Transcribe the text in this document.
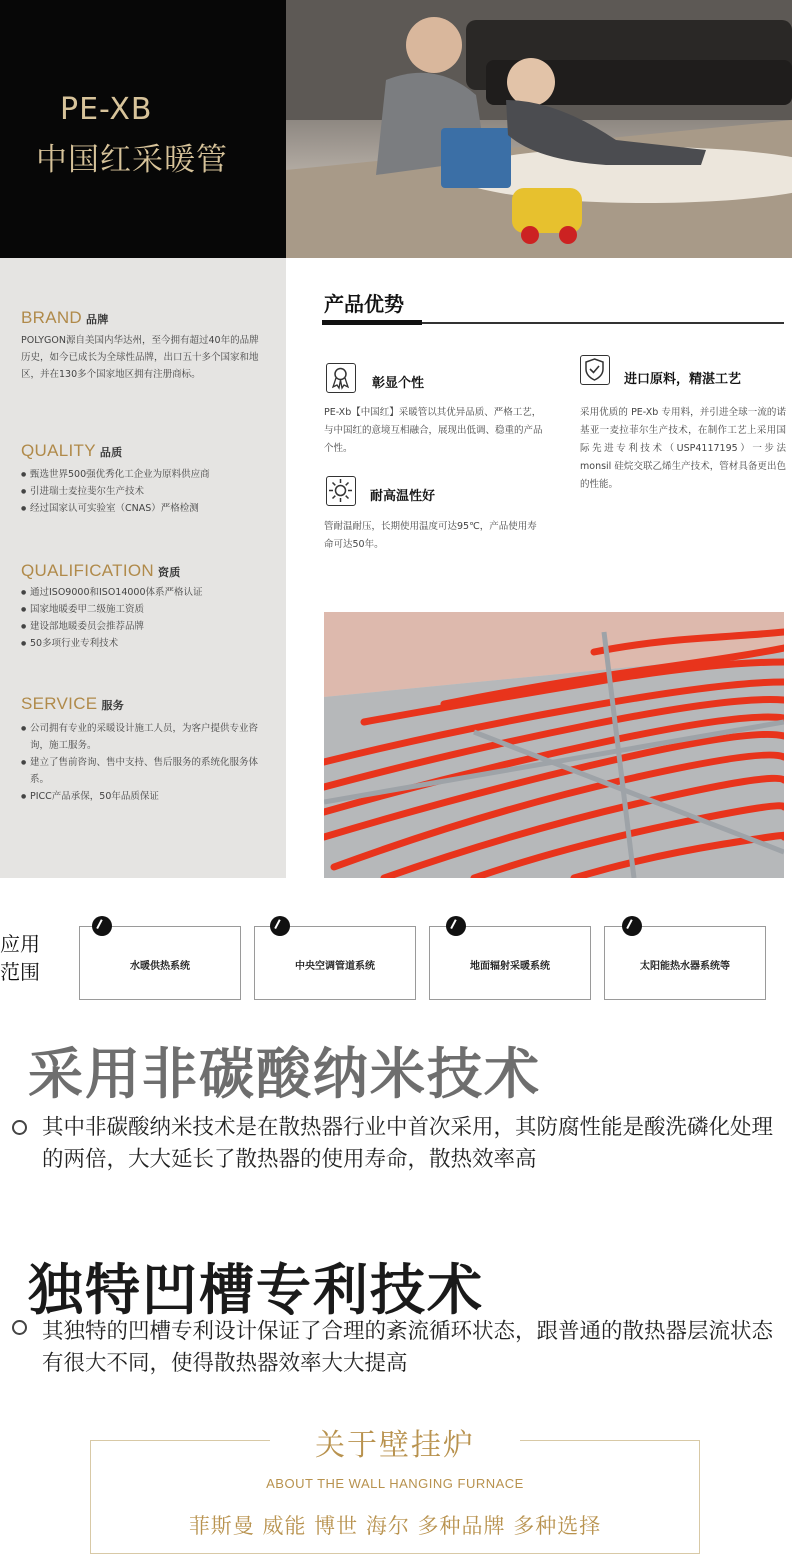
PE-XB
中国红采暖管
BRAND 品牌
POLYGON源自美国内华达州，至今拥有超过40年的品牌历史，如今已成长为全球性品牌，出口五十多个国家和地区，并在130多个国家地区拥有注册商标。
QUALITY 品质
● 甄选世界500强优秀化工企业为原料供应商
● 引进瑞士麦拉斐尔生产技术
● 经过国家认可实验室（CNAS）严格检测
QUALIFICATION 资质
● 通过ISO9000和ISO14000体系严格认证
● 国家地暖委甲二级施工资质
● 建设部地暖委员会推荐品牌
● 50多项行业专利技术
SERVICE 服务
● 公司拥有专业的采暖设计施工人员，为客户提供专业咨询，施工服务。
● 建立了售前咨询、售中支持、售后服务的系统化服务体系。
● PICC产品承保，50年品质保证
产品优势
彰显个性
PE-Xb【中国红】采暖管以其优异品质、严格工艺，与中国红的意境互相融合，展现出低调、稳重的产品个性。
进口原料，精湛工艺
采用优质的 PE-Xb 专用料，并引进全球一流的诺基亚一麦拉菲尔生产技术，在制作工艺上采用国际先进专利技术（USP4117195）一步法 monsil 硅烷交联乙烯生产技术，管材具备更出色的性能。
耐高温性好
管耐温耐压，长期使用温度可达95℃，产品使用寿命可达50年。
应用
范围	水暖供热系统	中央空调管道系统	地面辐射采暖系统	太阳能热水器系统等
采用非碳酸纳米技术
其中非碳酸纳米技术是在散热器行业中首次采用，其防腐性能是酸洗磷化处理的两倍，大大延长了散热器的使用寿命，散热效率高
独特凹槽专利技术
其独特的凹槽专利设计保证了合理的紊流循环状态，跟普通的散热器层流状态有很大不同，使得散热器效率大大提高
关于壁挂炉
ABOUT THE WALL HANGING FURNACE
菲斯曼 威能 博世 海尔 多种品牌 多种选择
